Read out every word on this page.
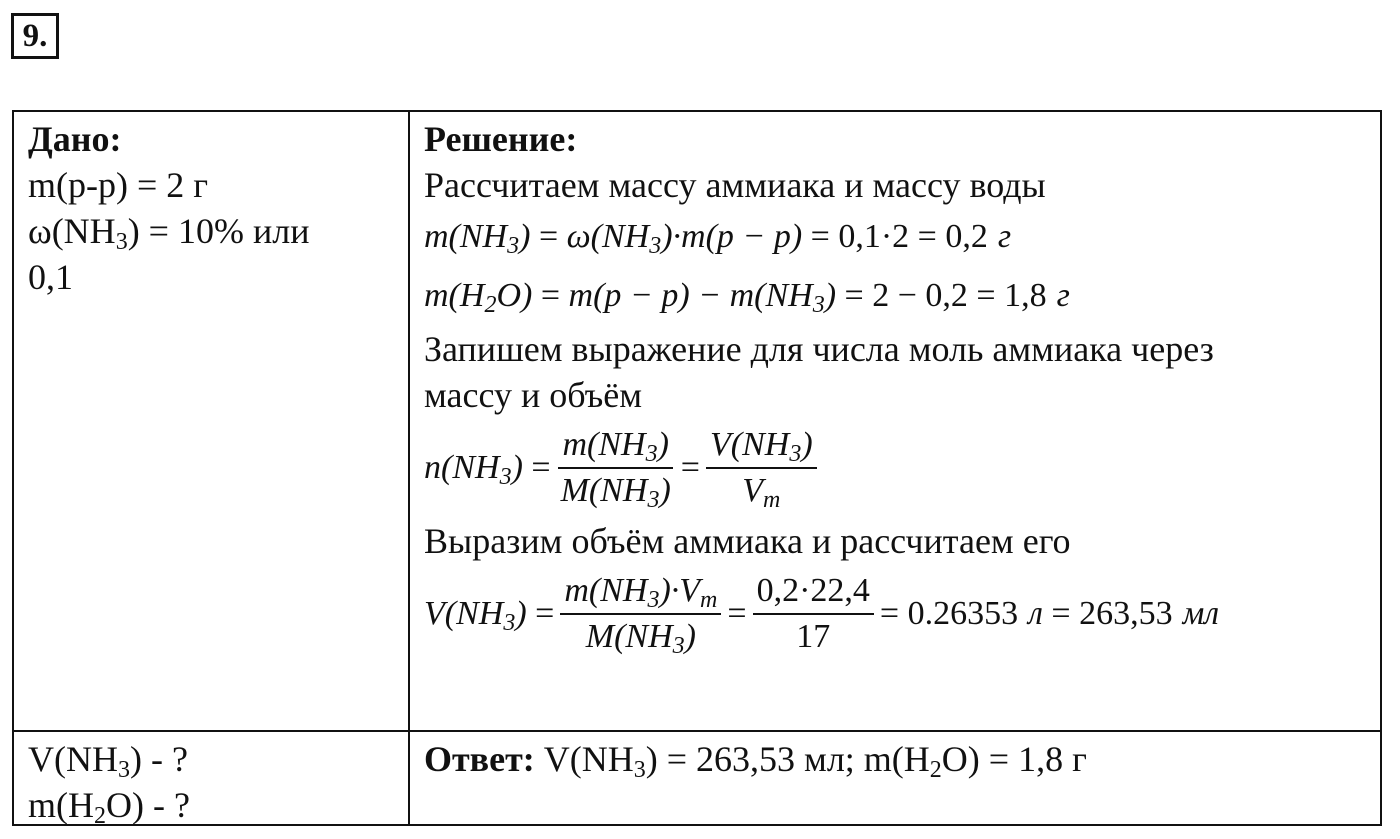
9.
Дано:
m(р-р) = 2 г
$\omega(NH_3) = 10\%$ или
0,1
Решение:
Рассчитаем массу аммиака и массу воды
$m(NH_3) = \omega(NH_3)\cdot m(p - p) = 0,1\cdot 2 = 0,2$ г
$m(H_2O) = m(p - p) - m(NH_3) = 2 - 0,2 = 1,8$ г
Запишем выражение для числа моль аммиака через
массу и объём
$n(NH_3) = \frac{m(NH_3)}{M(NH_3)} = \frac{V(NH_3)}{V_m}$
Выразим объём аммиака и рассчитаем его
$V(NH_3) = \frac{m(NH_3)\cdot V_m}{M(NH_3)} = \frac{0,2\cdot 22,4}{17} = 0.26353$ л = 263,53 мл
$V(NH_3)$ - ?
$m(H_2O)$ - ?
Ответ: $V(NH_3) = 263,53$ мл; $m(H_2O) = 1,8$ г
